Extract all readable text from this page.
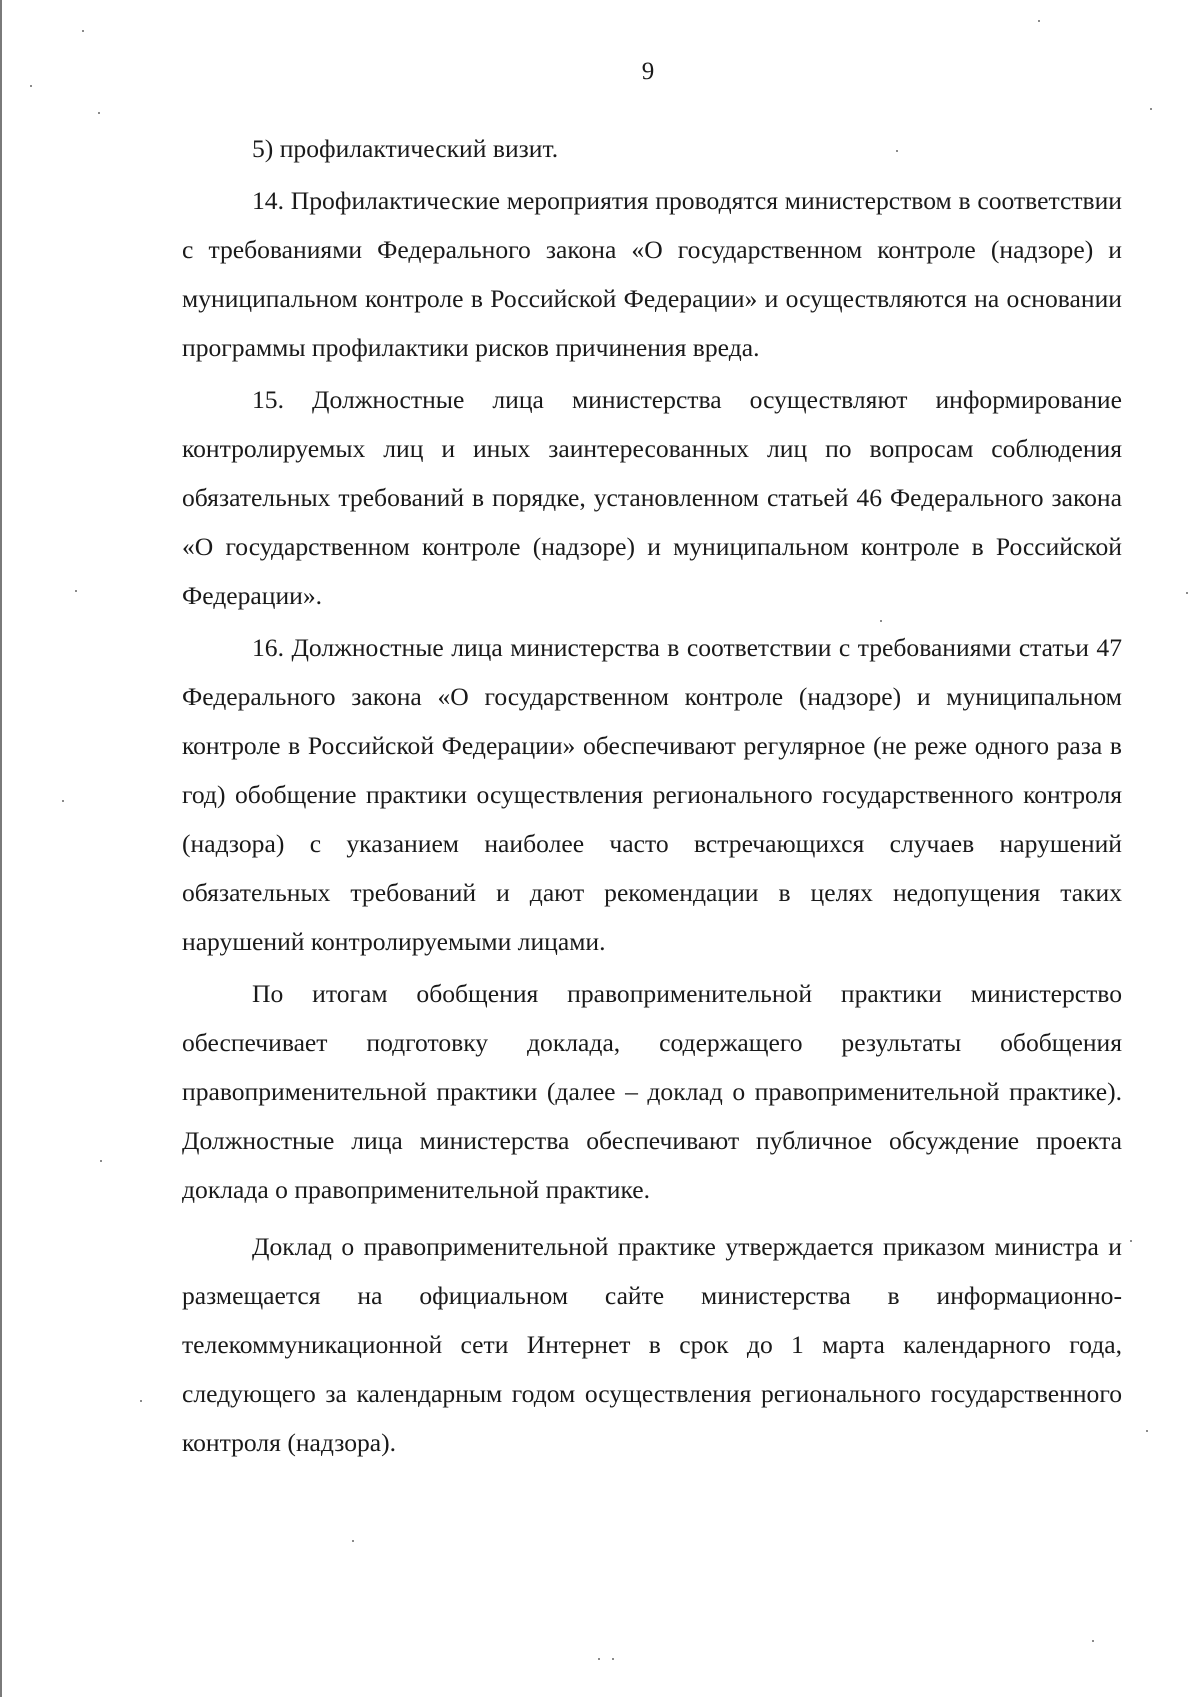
9

5) профилактический визит.

14. Профилактические мероприятия проводятся министерством в соответствии с требованиями Федерального закона «О государственном контроле (надзоре) и муниципальном контроле в Российской Федерации» и осуществляются на основании программы профилактики рисков причинения вреда.

15. Должностные лица министерства осуществляют информирование контролируемых лиц и иных заинтересованных лиц по вопросам соблюдения обязательных требований в порядке, установленном статьей 46 Федерального закона «О государственном контроле (надзоре) и муниципальном контроле в Российской Федерации».

16. Должностные лица министерства в соответствии с требованиями статьи 47 Федерального закона «О государственном контроле (надзоре) и муниципальном контроле в Российской Федерации» обеспечивают регулярное (не реже одного раза в год) обобщение практики осуществления регионального государственного контроля (надзора) с указанием наиболее часто встречающихся случаев нарушений обязательных требований и дают рекомендации в целях недопущения таких нарушений контролируемыми лицами.

По итогам обобщения правоприменительной практики министерство обеспечивает подготовку доклада, содержащего результаты обобщения правоприменительной практики (далее – доклад о правоприменительной практике). Должностные лица министерства обеспечивают публичное обсуждение проекта доклада о правоприменительной практике.

Доклад о правоприменительной практике утверждается приказом министра и размещается на официальном сайте министерства в информационно-телекоммуникационной сети Интернет в срок до 1 марта календарного года, следующего за календарным годом осуществления регионального государственного контроля (надзора).
